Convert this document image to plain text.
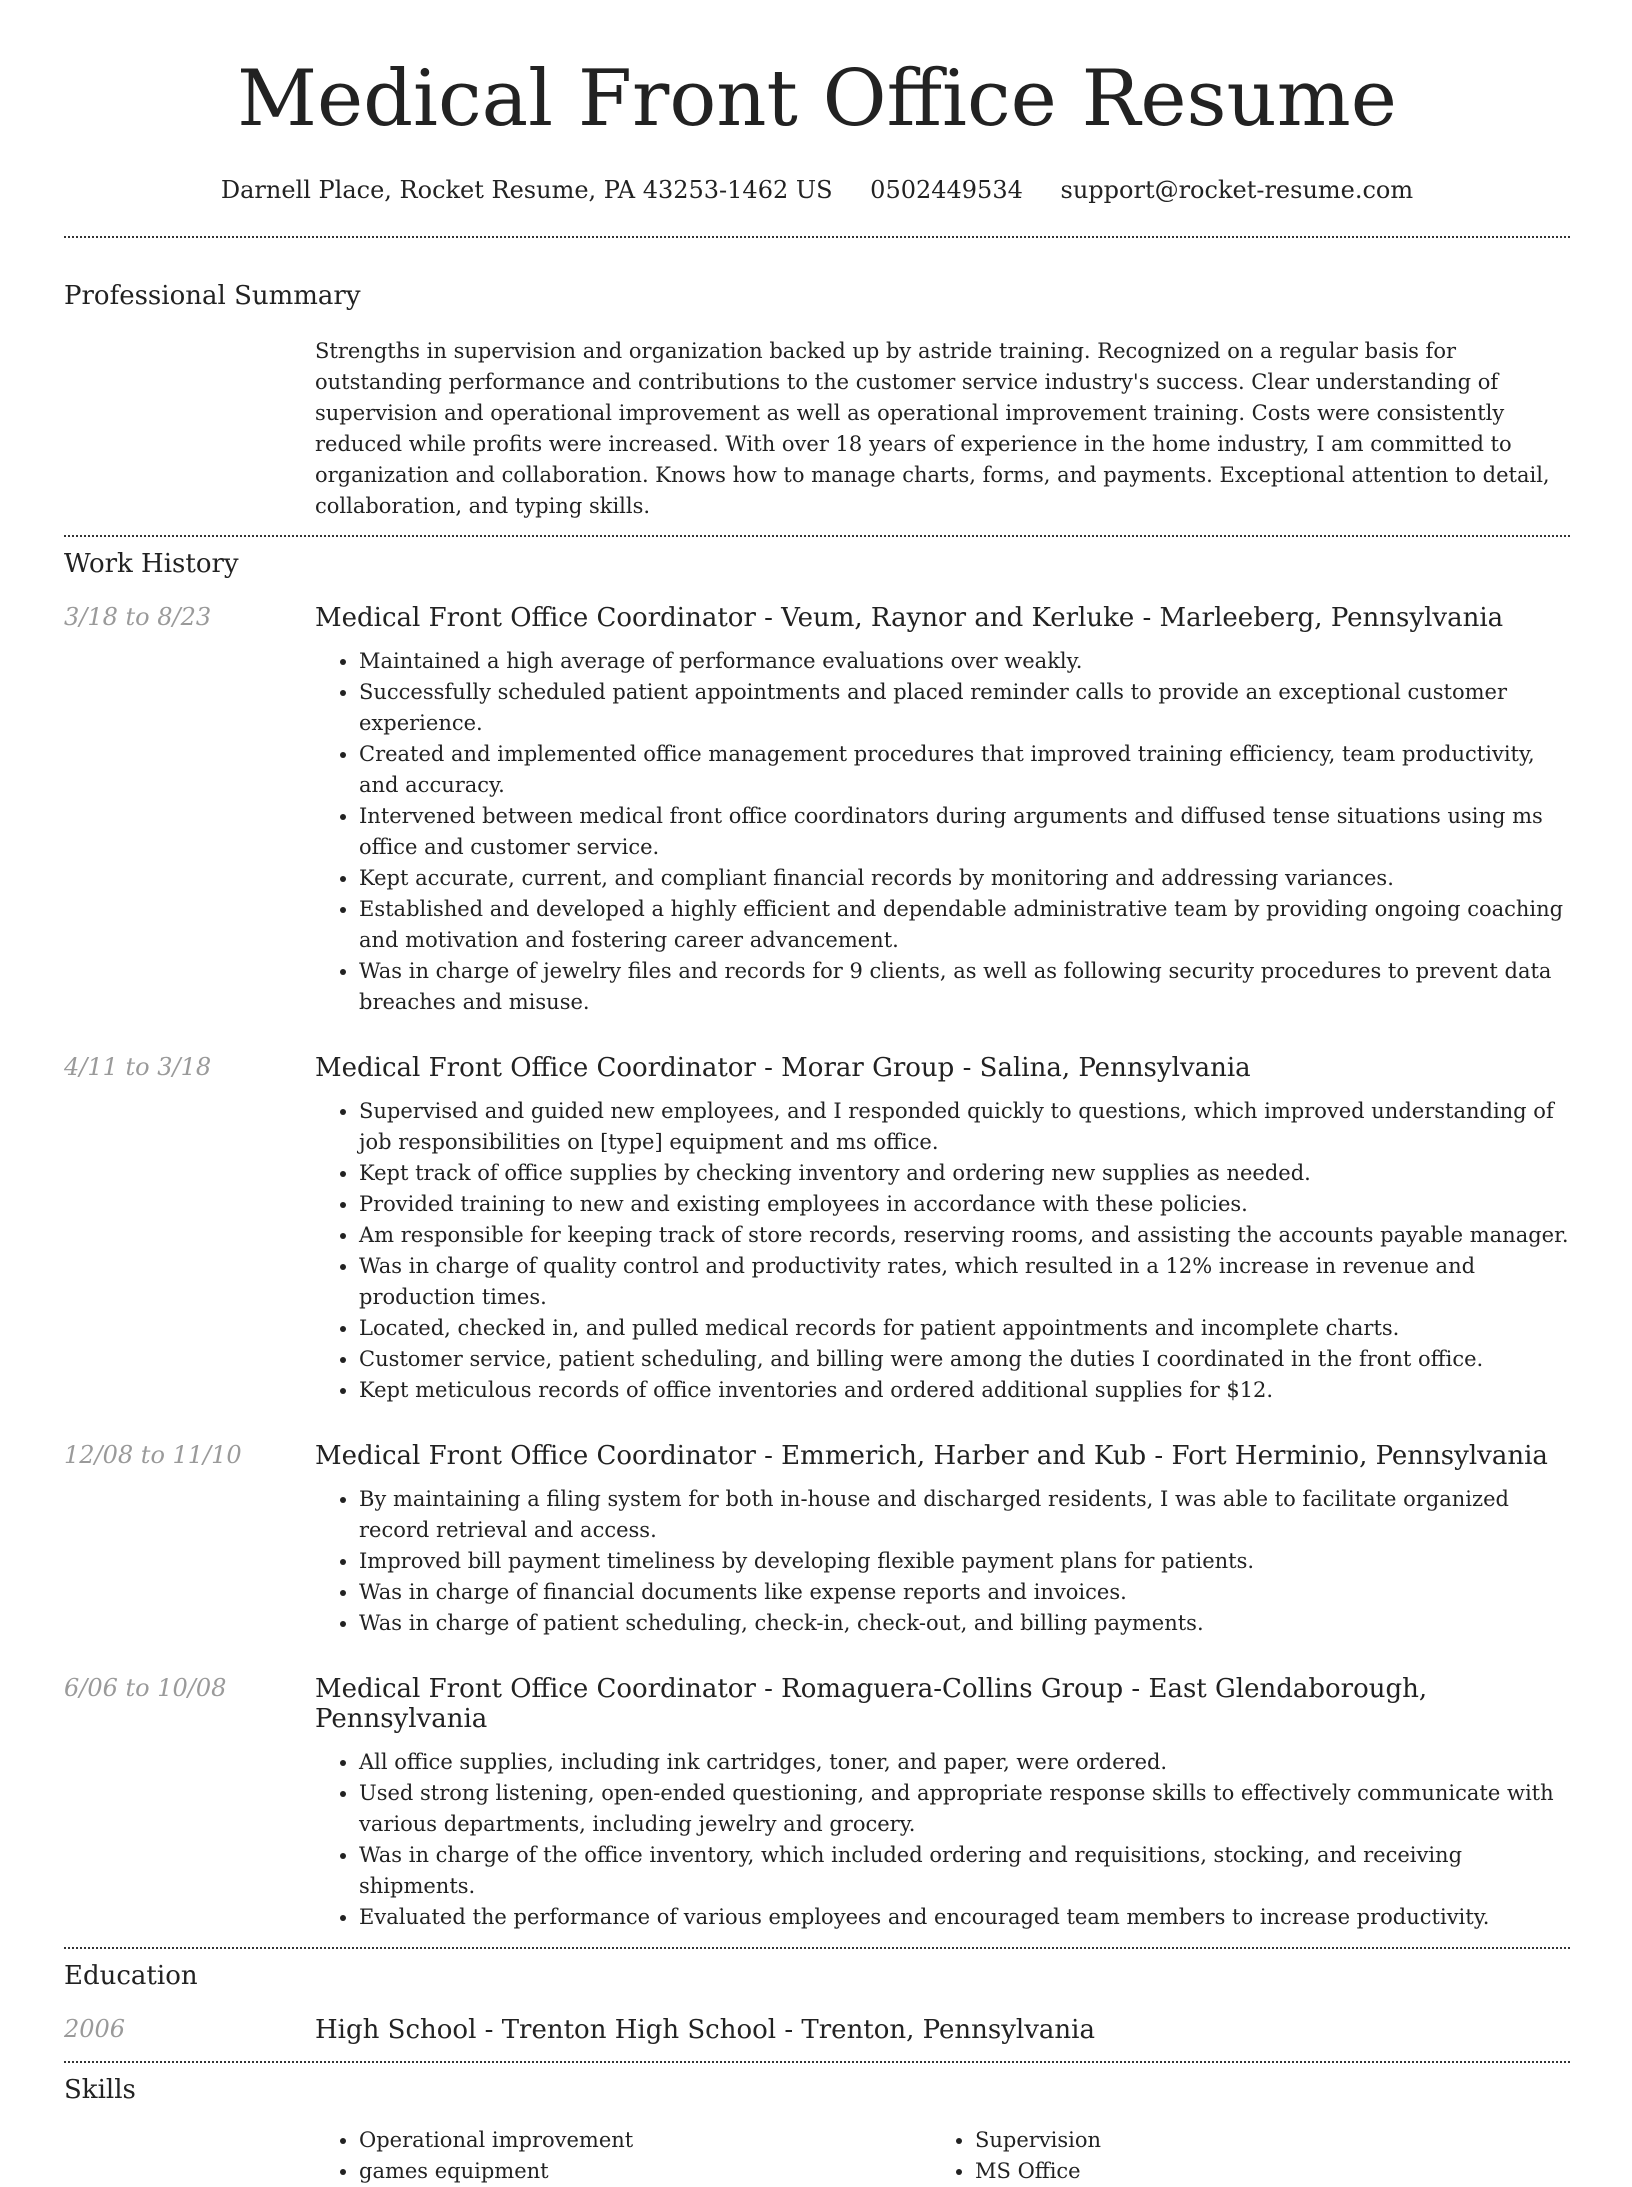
Medical Front Office Resume
Darnell Place, Rocket Resume, PA 43253-1462 US 0502449534 support@rocket-resume.com
Professional Summary
Strengths in supervision and organization backed up by astride training. Recognized on a regular basis for outstanding performance and contributions to the customer service industry's success. Clear understanding of supervision and operational improvement as well as operational improvement training. Costs were consistently reduced while profits were increased. With over 18 years of experience in the home industry, I am committed to organization and collaboration. Knows how to manage charts, forms, and payments. Exceptional attention to detail, collaboration, and typing skills.
Work History
3/18 to 8/23	Medical Front Office Coordinator - Veum, Raynor and Kerluke - Marleeberg, Pennsylvania
• Maintained a high average of performance evaluations over weakly.
• Successfully scheduled patient appointments and placed reminder calls to provide an exceptional customer experience.
• Created and implemented office management procedures that improved training efficiency, team productivity, and accuracy.
• Intervened between medical front office coordinators during arguments and diffused tense situations using ms office and customer service.
• Kept accurate, current, and compliant financial records by monitoring and addressing variances.
• Established and developed a highly efficient and dependable administrative team by providing ongoing coaching and motivation and fostering career advancement.
• Was in charge of jewelry files and records for 9 clients, as well as following security procedures to prevent data breaches and misuse.
4/11 to 3/18	Medical Front Office Coordinator - Morar Group - Salina, Pennsylvania
• Supervised and guided new employees, and I responded quickly to questions, which improved understanding of job responsibilities on [type] equipment and ms office.
• Kept track of office supplies by checking inventory and ordering new supplies as needed.
• Provided training to new and existing employees in accordance with these policies.
• Am responsible for keeping track of store records, reserving rooms, and assisting the accounts payable manager.
• Was in charge of quality control and productivity rates, which resulted in a 12% increase in revenue and production times.
• Located, checked in, and pulled medical records for patient appointments and incomplete charts.
• Customer service, patient scheduling, and billing were among the duties I coordinated in the front office.
• Kept meticulous records of office inventories and ordered additional supplies for $12.
12/08 to 11/10	Medical Front Office Coordinator - Emmerich, Harber and Kub - Fort Herminio, Pennsylvania
• By maintaining a filing system for both in-house and discharged residents, I was able to facilitate organized record retrieval and access.
• Improved bill payment timeliness by developing flexible payment plans for patients.
• Was in charge of financial documents like expense reports and invoices.
• Was in charge of patient scheduling, check-in, check-out, and billing payments.
6/06 to 10/08	Medical Front Office Coordinator - Romaguera-Collins Group - East Glendaborough, Pennsylvania
• All office supplies, including ink cartridges, toner, and paper, were ordered.
• Used strong listening, open-ended questioning, and appropriate response skills to effectively communicate with various departments, including jewelry and grocery.
• Was in charge of the office inventory, which included ordering and requisitions, stocking, and receiving shipments.
• Evaluated the performance of various employees and encouraged team members to increase productivity.
Education
2006	High School - Trenton High School - Trenton, Pennsylvania
Skills
• Operational improvement
• games equipment
• Supervision
• MS Office
